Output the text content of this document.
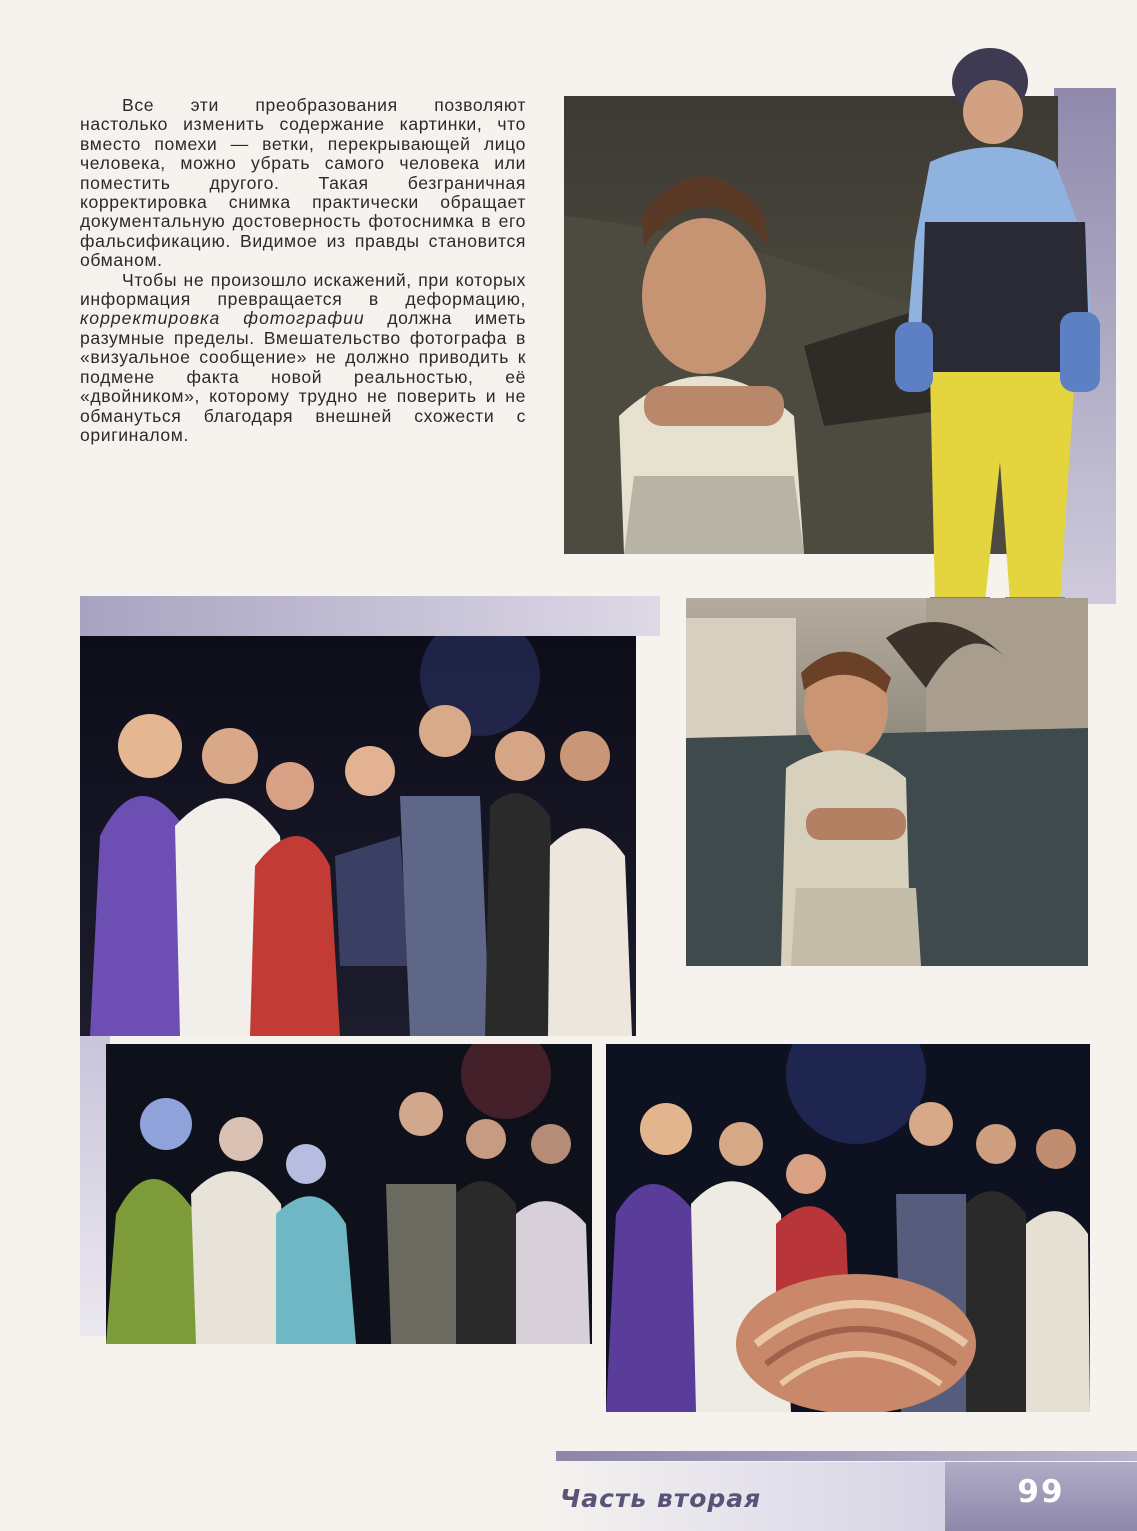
Все эти преобразования позволяют настолько изменить содержание картинки, что вместо помехи — ветки, перекрывающей лицо человека, можно убрать самого человека или поместить другого. Такая безграничная корректировка снимка практически обращает документальную достоверность фотоснимка в его фальсификацию. Видимое из правды становится обманом.

Чтобы не произошло искажений, при которых информация превращается в деформацию, корректировка фотографии должна иметь разумные пределы. Вмешательство фотографа в «визуальное сообщение» не должно приводить к подмене факта новой реальностью, её «двойником», которому трудно не поверить и не обмануться благодаря внешней схожести с оригиналом.

Часть вторая	99
